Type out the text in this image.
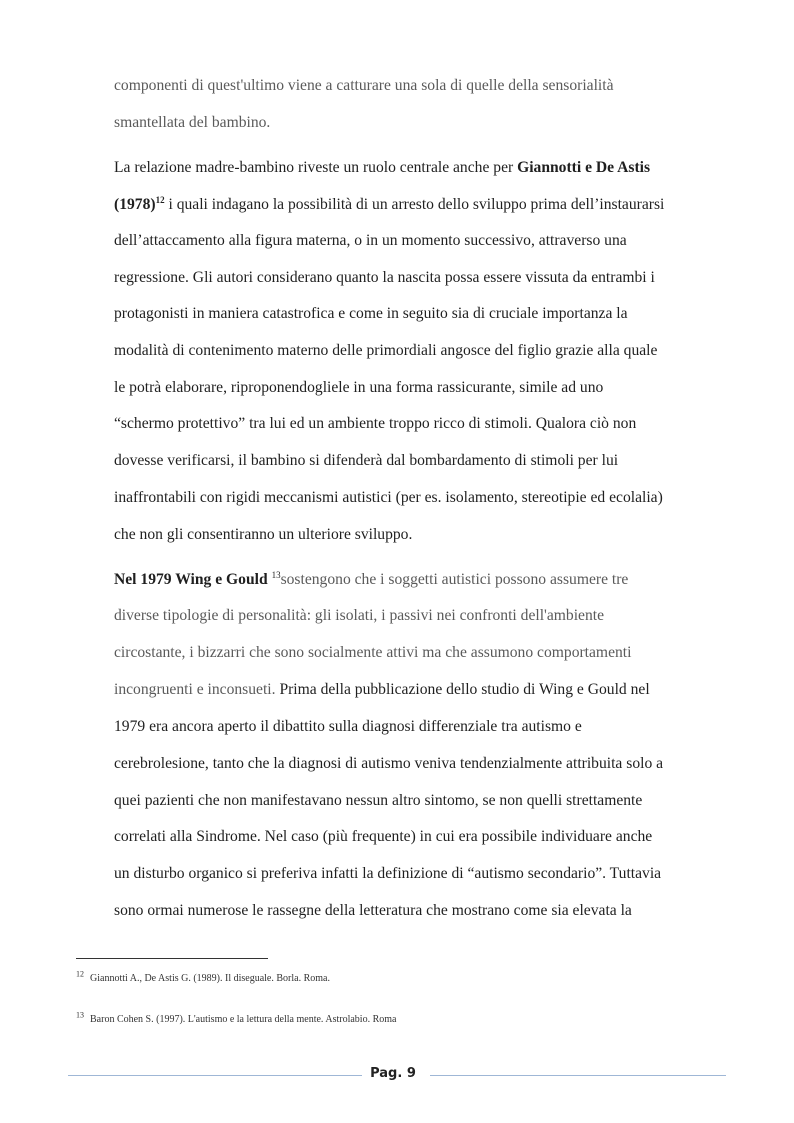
componenti di quest'ultimo viene a catturare una sola di quelle della sensorialità
smantellata del bambino.
La relazione madre-bambino riveste un ruolo centrale anche per Giannotti e De Astis
$(1978)^{12}$ i quali indagano la possibilità di un arresto dello sviluppo prima dell’instaurarsi
dell’attaccamento alla figura materna, o in un momento successivo, attraverso una
regressione. Gli autori considerano quanto la nascita possa essere vissuta da entrambi i
protagonisti in maniera catastrofica e come in seguito sia di cruciale importanza la
modalità di contenimento materno delle primordiali angosce del figlio grazie alla quale
le potrà elaborare, riproponendogliele in una forma rassicurante, simile ad uno
“schermo protettivo” tra lui ed un ambiente troppo ricco di stimoli. Qualora ciò non
dovesse verificarsi, il bambino si difenderà dal bombardamento di stimoli per lui
inaffrontabili con rigidi meccanismi autistici (per es. isolamento, stereotipie ed ecolalia)
che non gli consentiranno un ulteriore sviluppo.
Nel 1979 Wing e Gould $^{13}$sostengono che i soggetti autistici possono assumere tre
diverse tipologie di personalità: gli isolati, i passivi nei confronti dell'ambiente
circostante, i bizzarri che sono socialmente attivi ma che assumono comportamenti
incongruenti e inconsueti. Prima della pubblicazione dello studio di Wing e Gould nel
1979 era ancora aperto il dibattito sulla diagnosi differenziale tra autismo e
cerebrolesione, tanto che la diagnosi di autismo veniva tendenzialmente attribuita solo a
quei pazienti che non manifestavano nessun altro sintomo, se non quelli strettamente
correlati alla Sindrome. Nel caso (più frequente) in cui era possibile individuare anche
un disturbo organico si preferiva infatti la definizione di “autismo secondario”. Tuttavia
sono ormai numerose le rassegne della letteratura che mostrano come sia elevata la
$^{12}$ Giannotti A., De Astis G. (1989). Il diseguale. Borla. Roma.
$^{13}$ Baron Cohen S. (1997). L'autismo e la lettura della mente. Astrolabio. Roma
Pag. 9
